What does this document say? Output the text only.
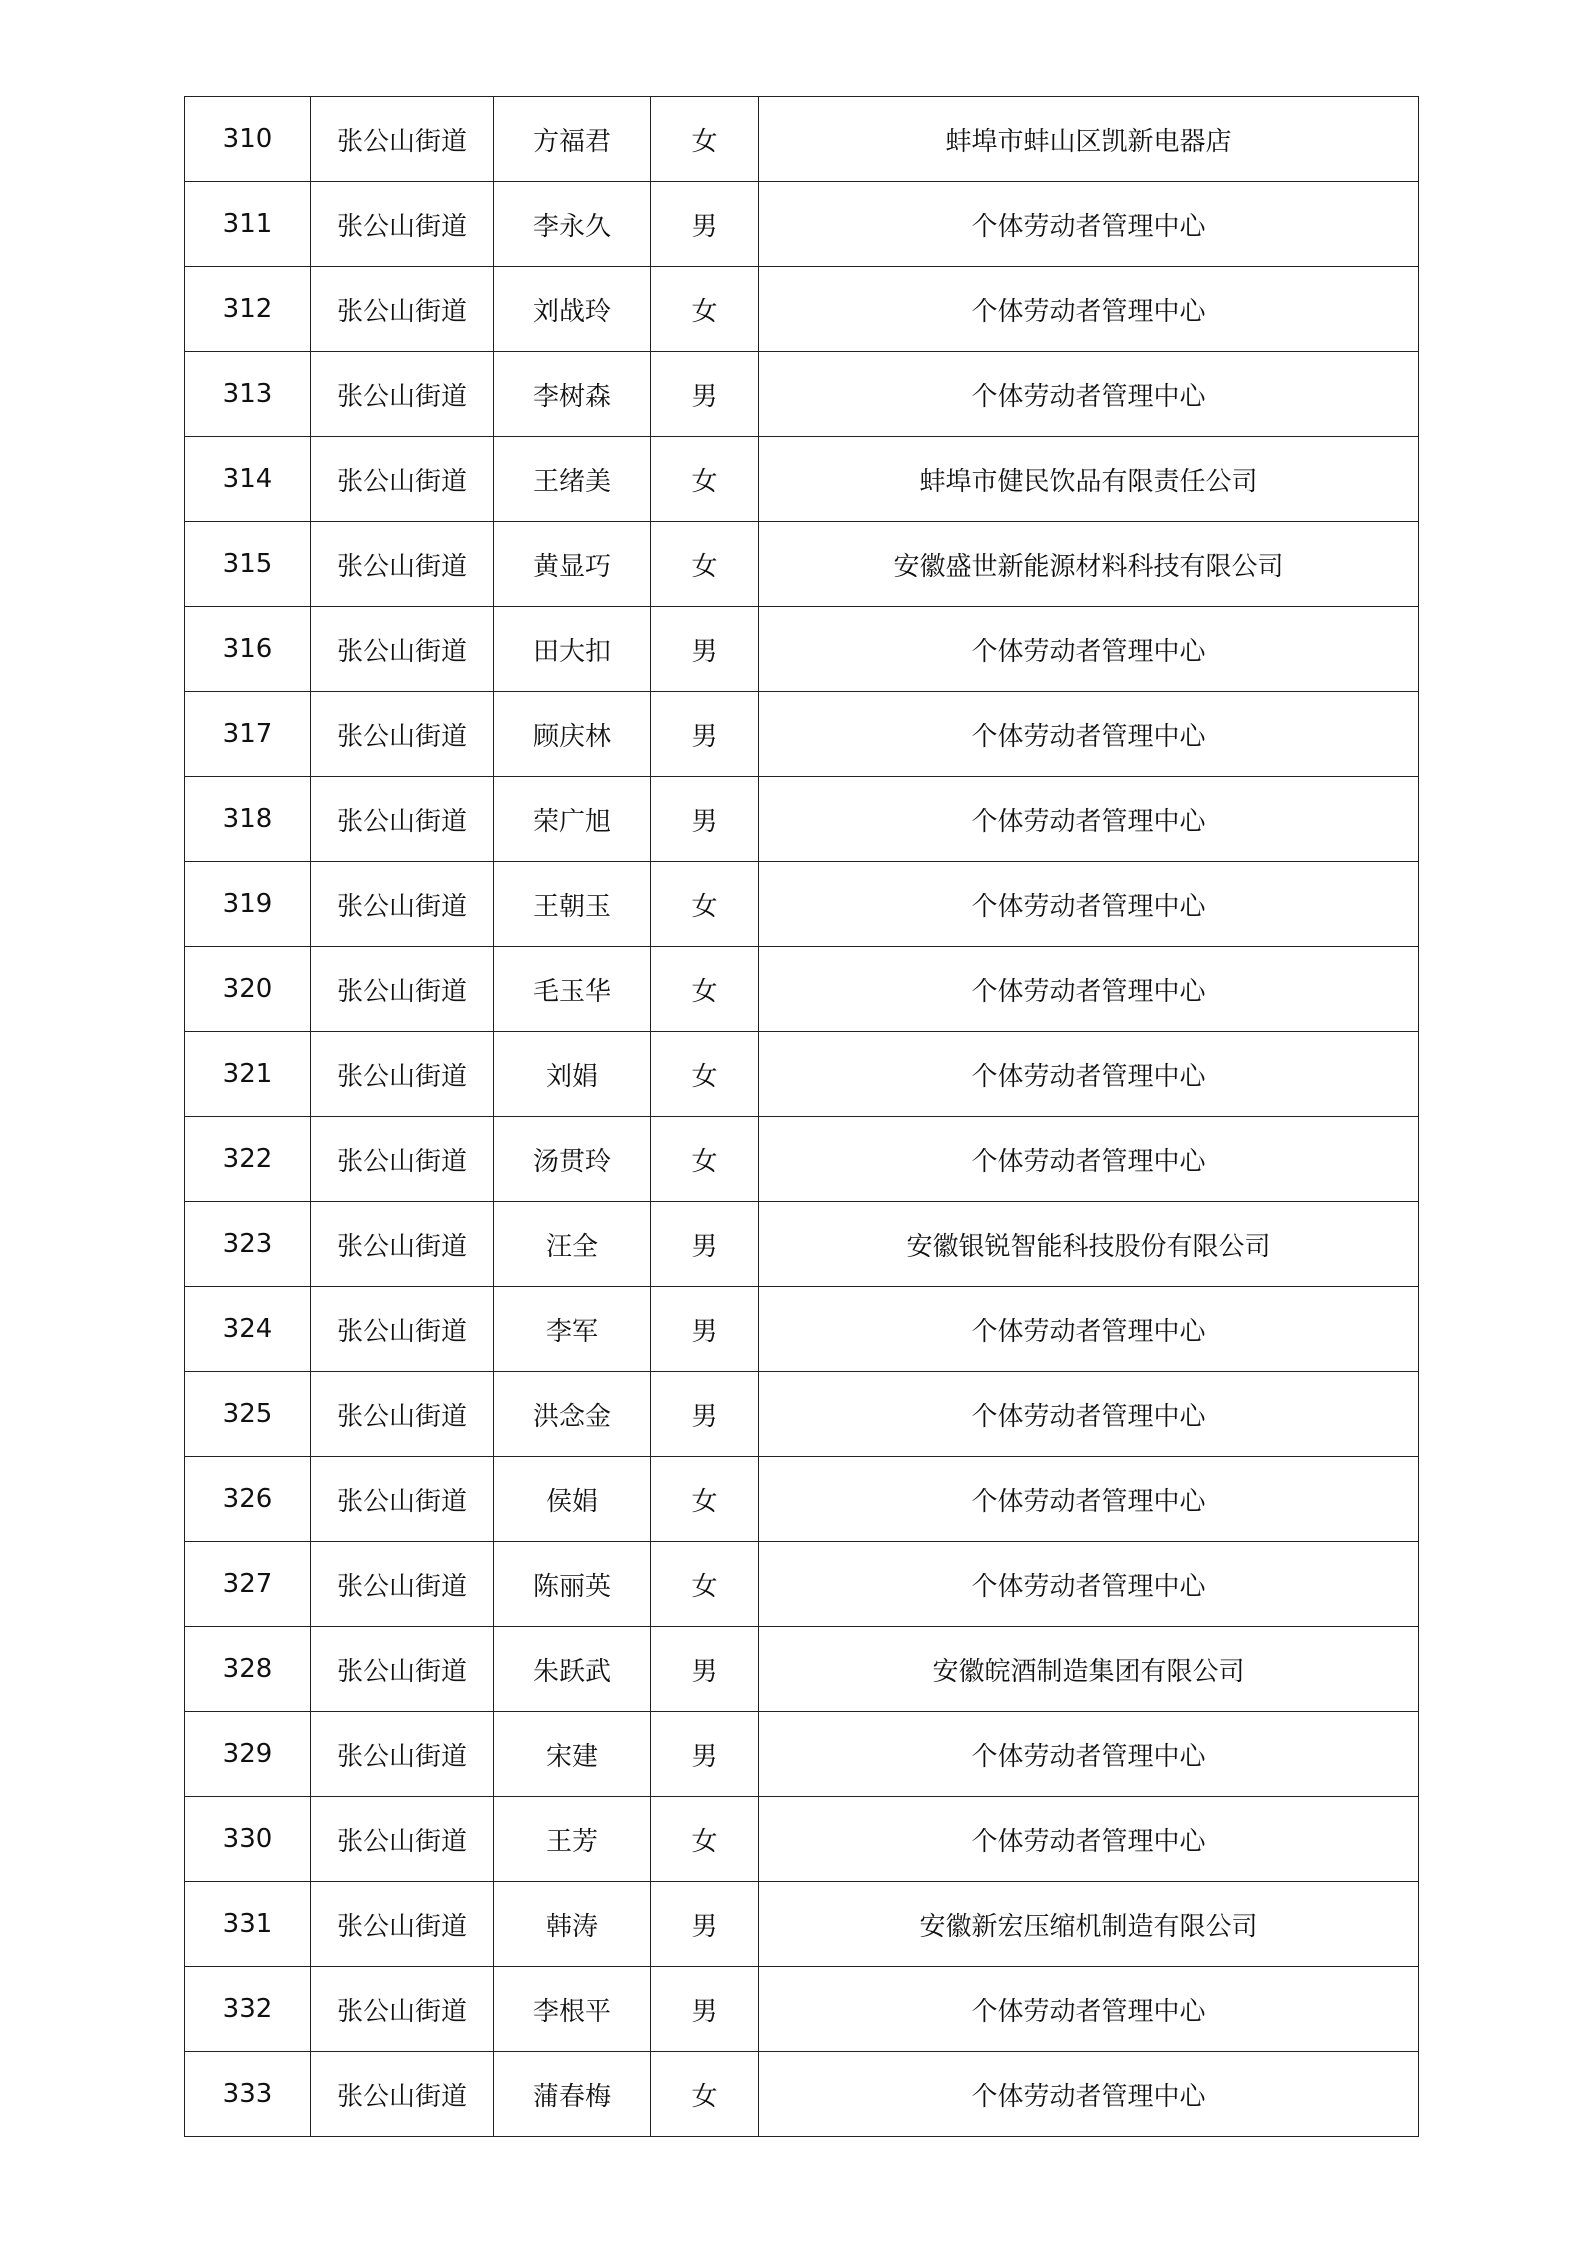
310	张公山街道	方福君	女	蚌埠市蚌山区凯新电器店
311	张公山街道	李永久	男	个体劳动者管理中心
312	张公山街道	刘战玲	女	个体劳动者管理中心
313	张公山街道	李树森	男	个体劳动者管理中心
314	张公山街道	王绪美	女	蚌埠市健民饮品有限责任公司
315	张公山街道	黄显巧	女	安徽盛世新能源材料科技有限公司
316	张公山街道	田大扣	男	个体劳动者管理中心
317	张公山街道	顾庆林	男	个体劳动者管理中心
318	张公山街道	荣广旭	男	个体劳动者管理中心
319	张公山街道	王朝玉	女	个体劳动者管理中心
320	张公山街道	毛玉华	女	个体劳动者管理中心
321	张公山街道	刘娟	女	个体劳动者管理中心
322	张公山街道	汤贯玲	女	个体劳动者管理中心
323	张公山街道	汪全	男	安徽银锐智能科技股份有限公司
324	张公山街道	李军	男	个体劳动者管理中心
325	张公山街道	洪念金	男	个体劳动者管理中心
326	张公山街道	侯娟	女	个体劳动者管理中心
327	张公山街道	陈丽英	女	个体劳动者管理中心
328	张公山街道	朱跃武	男	安徽皖酒制造集团有限公司
329	张公山街道	宋建	男	个体劳动者管理中心
330	张公山街道	王芳	女	个体劳动者管理中心
331	张公山街道	韩涛	男	安徽新宏压缩机制造有限公司
332	张公山街道	李根平	男	个体劳动者管理中心
333	张公山街道	蒲春梅	女	个体劳动者管理中心
